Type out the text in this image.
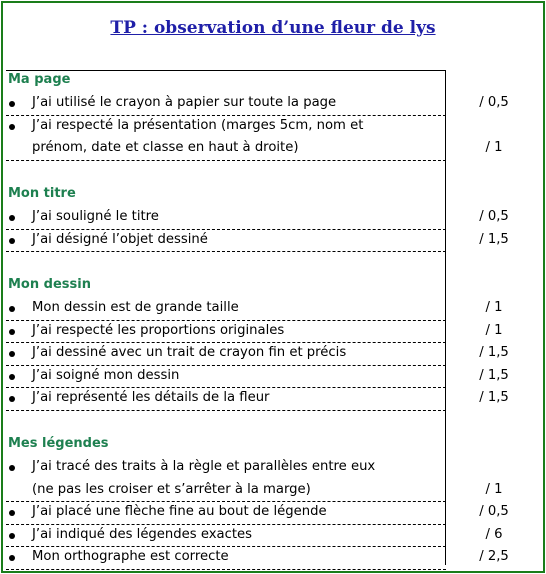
TP : observation d’une fleur de lys
Ma page
J’ai utilisé le crayon à papier sur toute la page	/ 0,5
J’ai respecté la présentation (marges 5cm, nom et
prénom, date et classe en haut à droite)	/ 1
Mon titre
J’ai souligné le titre	/ 0,5
J’ai désigné l’objet dessiné	/ 1,5
Mon dessin
Mon dessin est de grande taille	/ 1
J’ai respecté les proportions originales	/ 1
J’ai dessiné avec un trait de crayon fin et précis	/ 1,5
J’ai soigné mon dessin	/ 1,5
J’ai représenté les détails de la fleur	/ 1,5
Mes légendes
J’ai tracé des traits à la règle et parallèles entre eux
(ne pas les croiser et s’arrêter à la marge)	/ 1
J’ai placé une flèche fine au bout de légende	/ 0,5
J’ai indiqué des légendes exactes	/ 6
Mon orthographe est correcte	/ 2,5
